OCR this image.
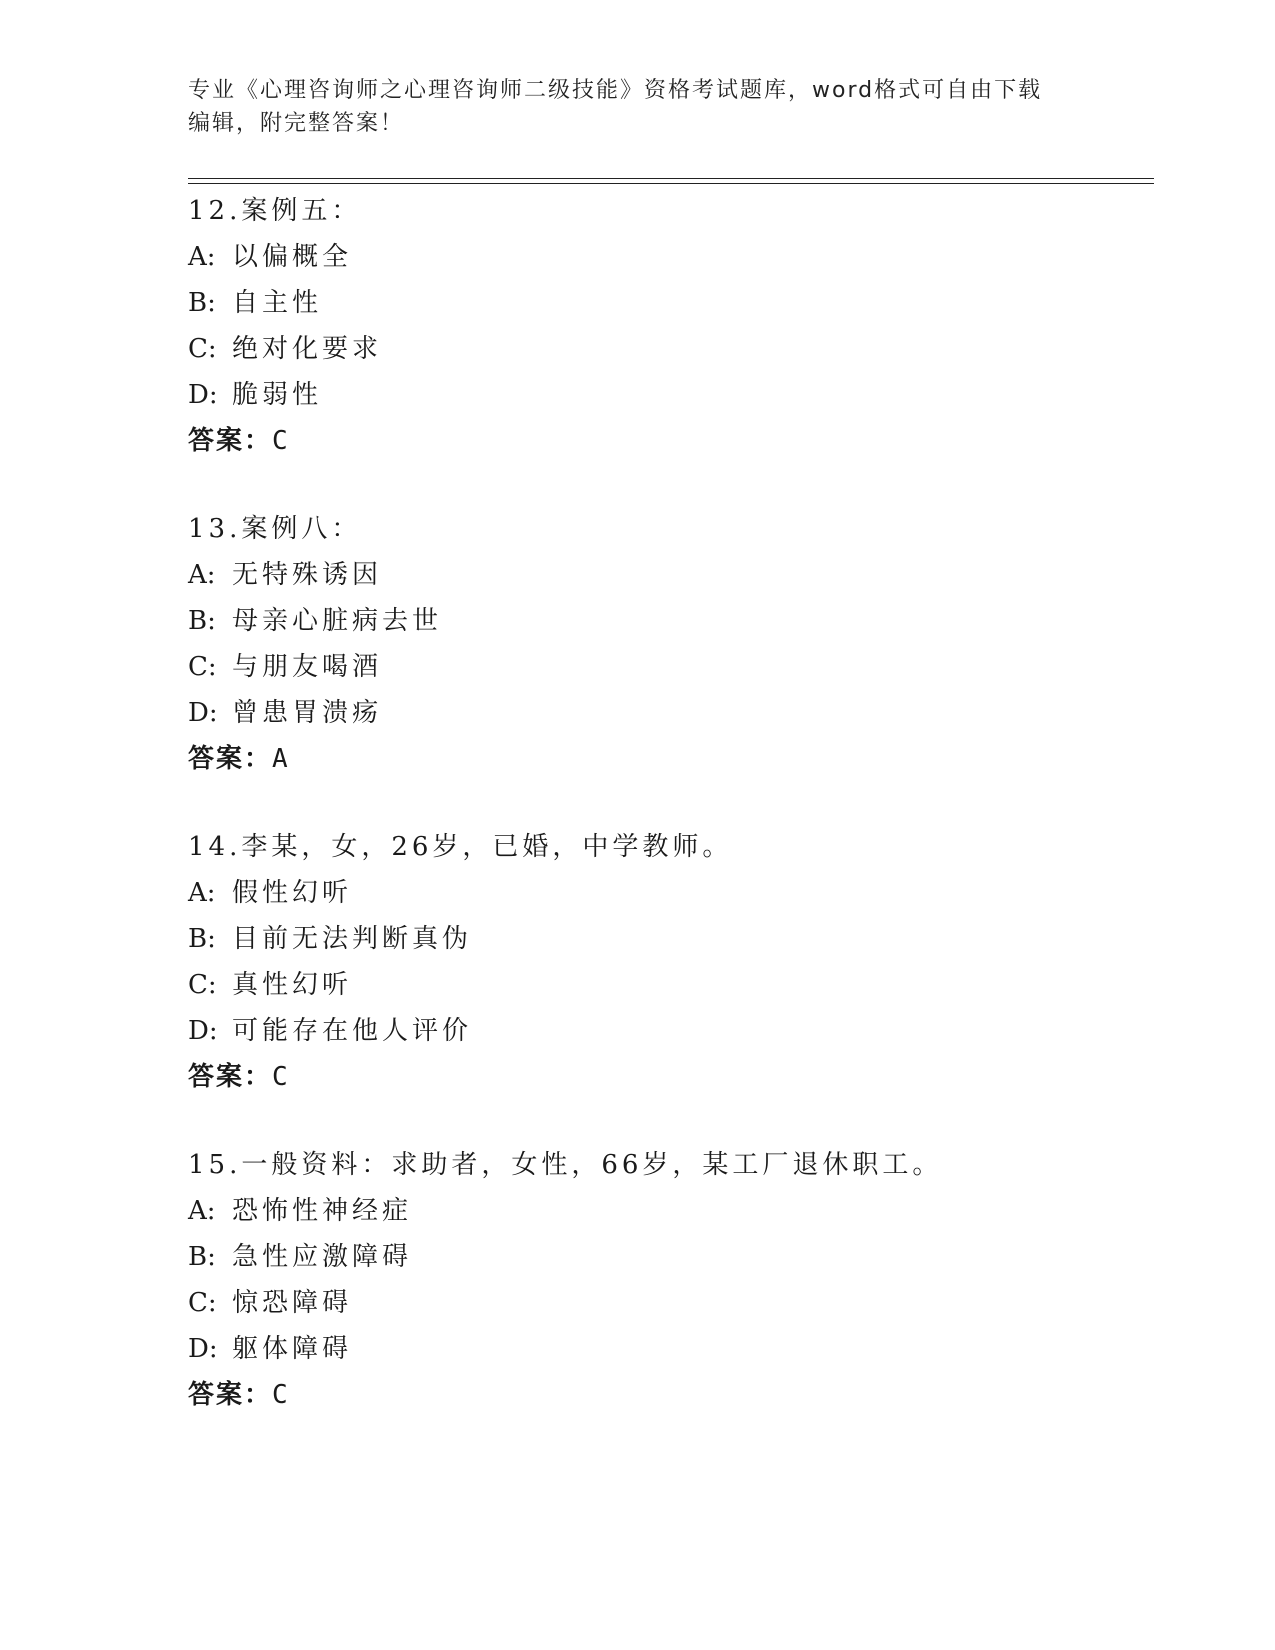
专业《心理咨询师之心理咨询师二级技能》资格考试题库，word格式可自由下载
编辑，附完整答案！
12.案例五：
A: 以偏概全
B: 自主性
C: 绝对化要求
D: 脆弱性
答案：C
13.案例八：
A: 无特殊诱因
B: 母亲心脏病去世
C: 与朋友喝酒
D: 曾患胃溃疡
答案：A
14.李某，女，26岁，已婚，中学教师。
A: 假性幻听
B: 目前无法判断真伪
C: 真性幻听
D: 可能存在他人评价
答案：C
15.一般资料：求助者，女性，66岁，某工厂退休职工。
A: 恐怖性神经症
B: 急性应激障碍
C: 惊恐障碍
D: 躯体障碍
答案：C
